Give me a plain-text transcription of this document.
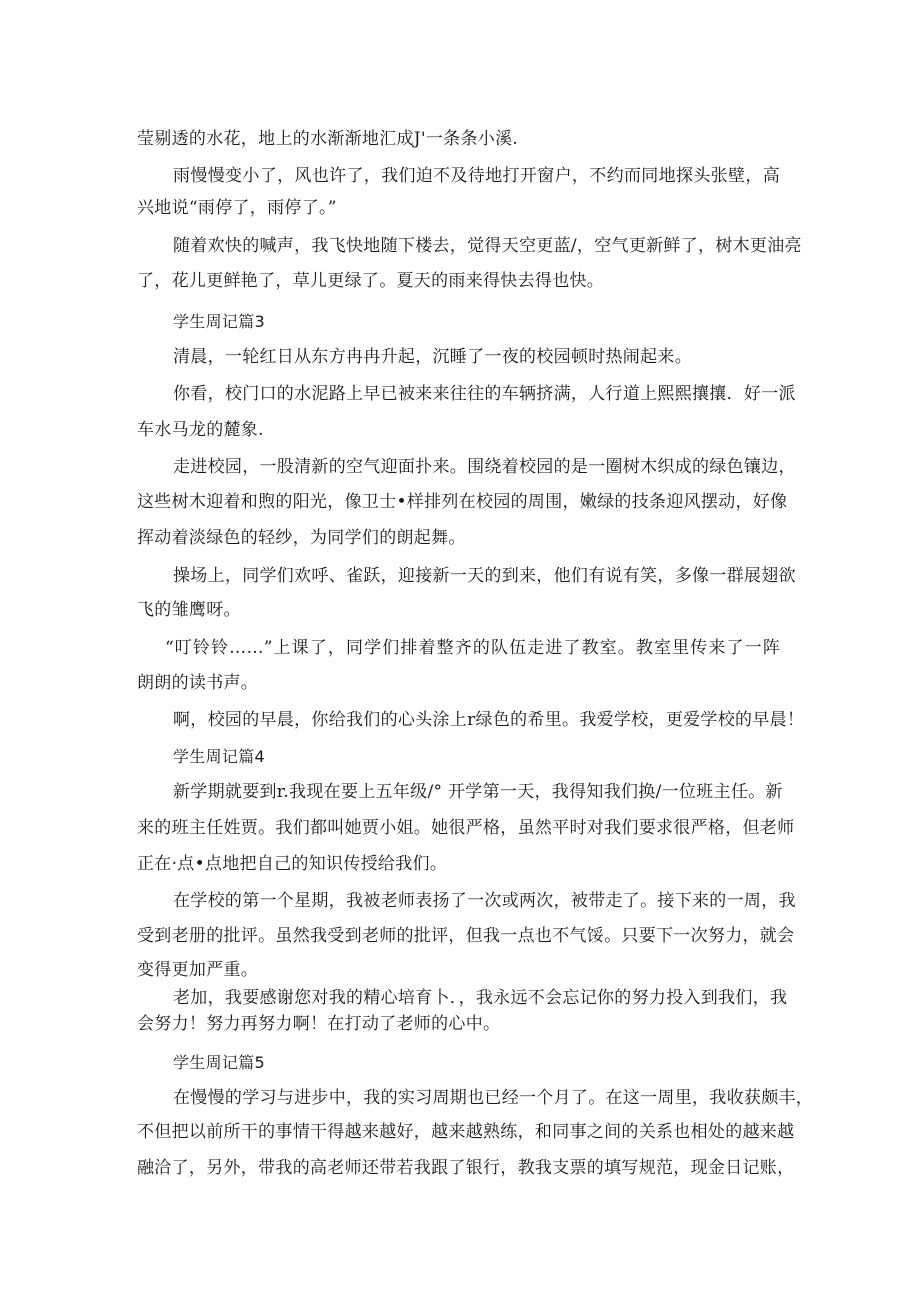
莹剔透的水花，地上的水渐渐地汇成J'一条条小溪.
雨慢慢变小了，风也许了，我们迫不及待地打开窗户，不约而同地探头张壁，高
兴地说“雨停了，雨停了。”
随着欢快的喊声，我飞快地随下楼去，觉得天空更蓝/，空气更新鲜了，树木更油亮
了，花儿更鲜艳了，草儿更绿了。夏天的雨来得快去得也快。
学生周记篇3
清晨，一轮红日从东方冉冉升起，沉睡了一夜的校园顿时热闹起来。
你看，校门口的水泥路上早已被来来往往的车辆挤满，人行道上熙熙攘攘．好一派
车水马龙的麓象.
走进校园，一股清新的空气迎面扑来。围绕着校园的是一圈树木织成的绿色镶边，
这些树木迎着和煦的阳光，像卫士•样排列在校园的周围，嫩绿的技条迎风摆动，好像
挥动着淡绿色的轻纱，为同学们的朗起舞。
操场上，同学们欢呼、雀跃，迎接新一天的到来，他们有说有笑，多像一群展翅欲
飞的雏鹰呀。
“叮铃铃……”上课了，同学们排着整齐的队伍走进了教室。教室里传来了一阵
朗朗的读书声。
啊，校园的早晨，你给我们的心头涂上r绿色的希里。我爱学校，更爱学校的早晨！
学生周记篇4
新学期就要到r.我现在要上五年级/° 开学第一天，我得知我们换/一位班主任。新
来的班主任姓贾。我们都叫她贾小姐。她很严格，虽然平时对我们要求很严格，但老师
正在·点•点地把自己的知识传授给我们。
在学校的第一个星期，我被老师表扬了一次或两次，被带走了。接下来的一周，我
受到老册的批评。虽然我受到老师的批评，但我一点也不气馁。只要下一次努力，就会
变得更加严重。
老加，我要感谢您对我的精心培育卜．，我永远不会忘记你的努力投入到我们，我
会努力！努力再努力啊！在打动了老师的心中。
学生周记篇5
在慢慢的学习与进步中，我的实习周期也已经一个月了。在这一周里，我收获颇丰，
不但把以前所干的事情干得越来越好，越来越熟练，和同事之间的关系也相处的越来越
融洽了，另外，带我的高老师还带若我跟了银行，教我支票的填写规范，现金日记账，
